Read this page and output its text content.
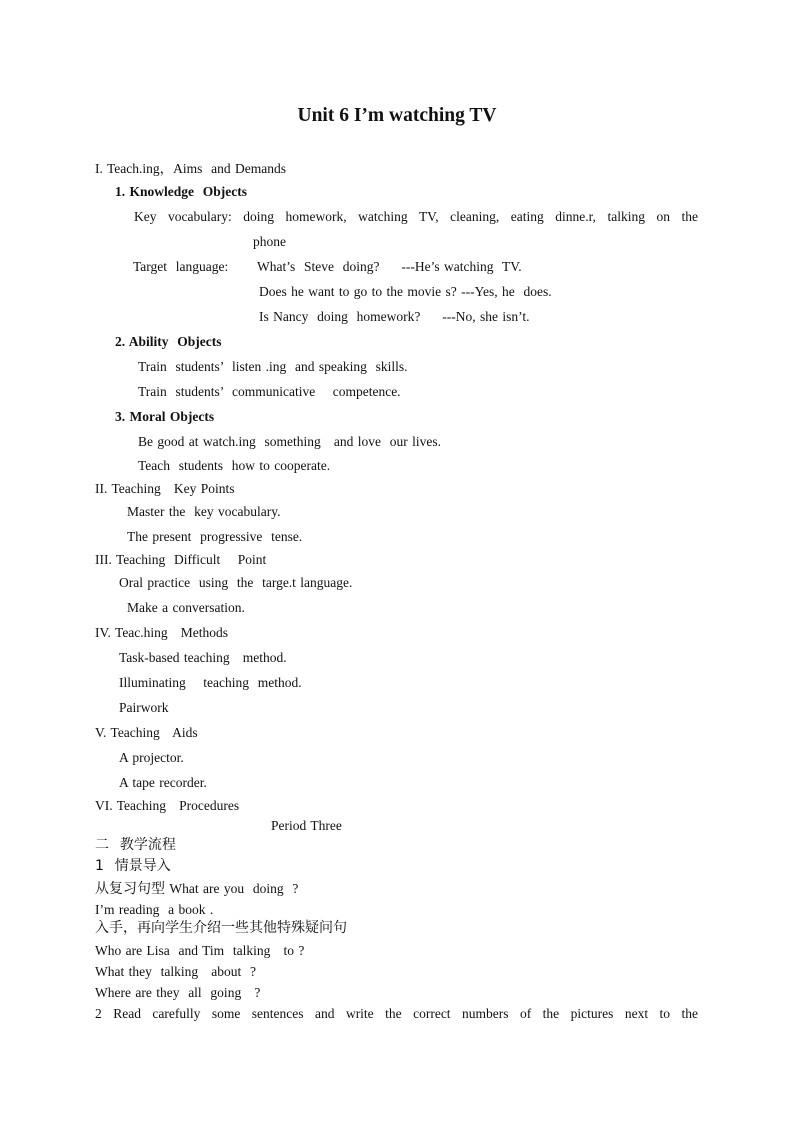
Unit 6 I’m watching TV
I. Teach.ing，Aims  and Demands
1. Knowledge  Objects
Key vocabulary: doing homework, watching TV, cleaning, eating dinne.r, talking on the
phone
Target  language: What’s  Steve  doing?     ---He’s watching  TV.
Does he want to go to the movie s? ---Yes, he  does.
Is Nancy  doing  homework?     ---No, she isn’t.
2. Ability  Objects
Train  students’  listen .ing  and speaking  skills.
Train  students’  communicative    competence.
3. Moral Objects
Be good at watch.ing  something   and love  our lives.
Teach  students  how to cooperate.
II. Teaching   Key Points
Master the  key vocabulary.
The present  progressive  tense.
III. Teaching  Difficult    Point
Oral practice  using  the  targe.t language.
Make a conversation.
IV. Teac.hing   Methods
Task-based teaching   method.
Illuminating    teaching  method.
Pairwork
V. Teaching   Aids
A projector.
A tape recorder.
VI. Teaching   Procedures
Period Three
二  教学流程
1  情景导入
从复习句型 What are you  doing  ?
I’m reading  a book .
入手，再向学生介绍一些其他特殊疑问句
Who are Lisa  and Tim  talking   to ?
What they  talking   about  ?
Where are they  all  going   ?
2 Read carefully some sentences and write the correct numbers of the pictures next to the
